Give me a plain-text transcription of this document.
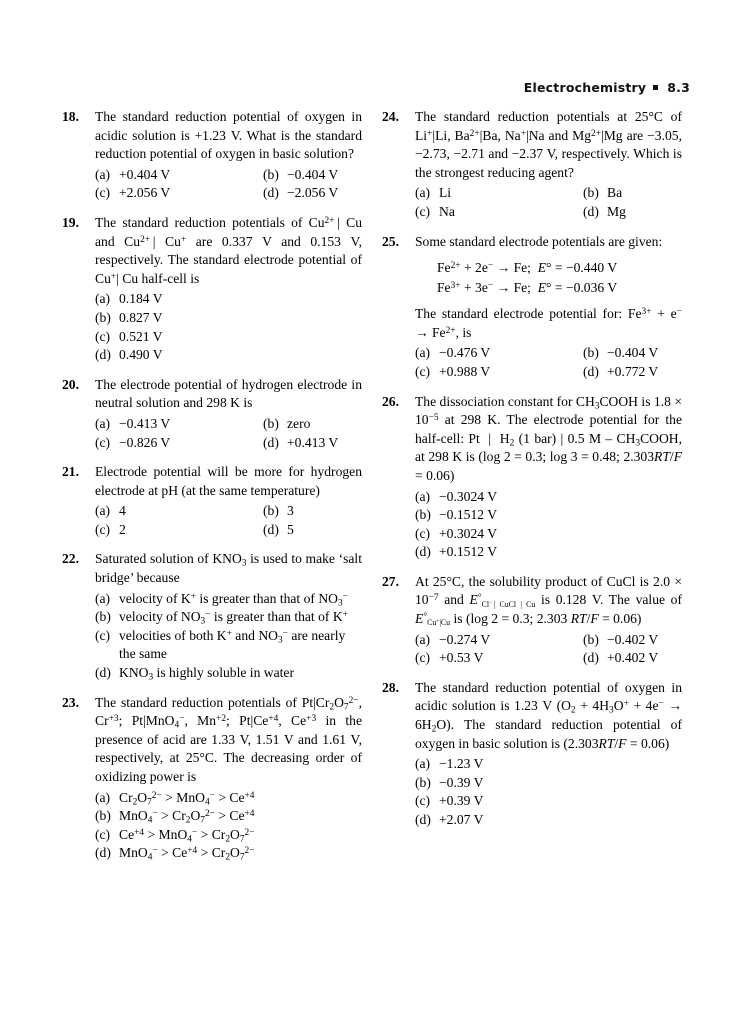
Electrochemistry 8.3
18. The standard reduction potential of oxygen in acidic solution is +1.23 V. What is the standard reduction potential of oxygen in basic solution?
(a) +0.404 V	(b) −0.404 V
(c) +2.056 V	(d) −2.056 V
19. The standard reduction potentials of $Cu^{2+}$ | Cu and $Cu^{2+}$ | Cu+ are 0.337 V and 0.153 V, respectively. The standard electrode potential of Cu+| Cu half-cell is
(a) 0.184 V
(b) 0.827 V
(c) 0.521 V
(d) 0.490 V
20. The electrode potential of hydrogen electrode in neutral solution and 298 K is
(a) −0.413 V	(b) zero
(c) −0.826 V	(d) +0.413 V
21. Electrode potential will be more for hydrogen electrode at pH (at the same temperature)
(a) 4	(b) 3
(c) 2	(d) 5
22. Saturated solution of $KNO_3$ is used to make ‘salt bridge’ because
(a) velocity of K+ is greater than that of $NO_3^-$
(b) velocity of $NO_3^-$ is greater than that of K+
(c) velocities of both K+ and $NO_3^-$ are nearly the same
(d) $KNO_3$ is highly soluble in water
23. The standard reduction potentials of $Pt|Cr_2O_7^{2-}$, $Cr^{+3}$; Pt|MnO$_4$−, $Mn^{+2}$; $Pt|Ce^{+4}$, $Ce^{+3}$ in the presence of acid are 1.33 V, 1.51 V and 1.61 V, respectively, at 25°C. The decreasing order of oxidizing power is
(a) $Cr_2O_7^{2-} > MnO_4^- > Ce^{+4}$
(b) $MnO_4^- > Cr_2O_7^{2-} > Ce^{+4}$
(c) $Ce^{+4} > MnO_4^- > Cr_2O_7^{2-}$
(d) $MnO_4^- > Ce^{+4} > Cr_2O_7^{2-}$
24. The standard reduction potentials at 25°C of Li+|Li, $Ba^{2+}|Ba$, Na+|Na and $Mg^{2+}|Mg$ are −3.05, −2.73, −2.71 and −2.37 V, respectively. Which is the strongest reducing agent?
(a) Li	(b) Ba
(c) Na	(d) Mg
25. Some standard electrode potentials are given:
$Fe^{2+} + 2e^- \to Fe$;  E° = −0.440 V
$Fe^{3+} + 3e^- \to Fe$;  E° = −0.036 V
The standard electrode potential for: $Fe^{3+} + e^- \to Fe^{2+}$, is
(a) −0.476 V	(b) −0.404 V
(c) +0.988 V	(d) +0.772 V
26. The dissociation constant for $CH_3COOH$ is $1.8 \times 10^{-5}$ at 298 K. The electrode potential for the half-cell: Pt  |  $H_2$ (1 bar) | 0.5 M – $CH_3COOH$, at 298 K is (log 2 = 0.3; log 3 = 0.48; 2.303RT/F = 0.06)
(a) −0.3024 V
(b) −0.1512 V
(c) +0.3024 V
(d) +0.1512 V
27. At 25°C, the solubility product of CuCl is $2.0 \times 10^{-7}$ and E°Cl− | CuCl | Cu is 0.128 V. The value of E°Cu+|Cu is (log 2 = 0.3; 2.303 RT/F = 0.06)
(a) −0.274 V	(b) −0.402 V
(c) +0.53 V	(d) +0.402 V
28. The standard reduction potential of oxygen in acidic solution is 1.23 V $(O_2 + 4H_3O^+ + 4e^- \to 6H_2O)$. The standard reduction potential of oxygen in basic solution is (2.303RT/F = 0.06)
(a) −1.23 V
(b) −0.39 V
(c) +0.39 V
(d) +2.07 V
